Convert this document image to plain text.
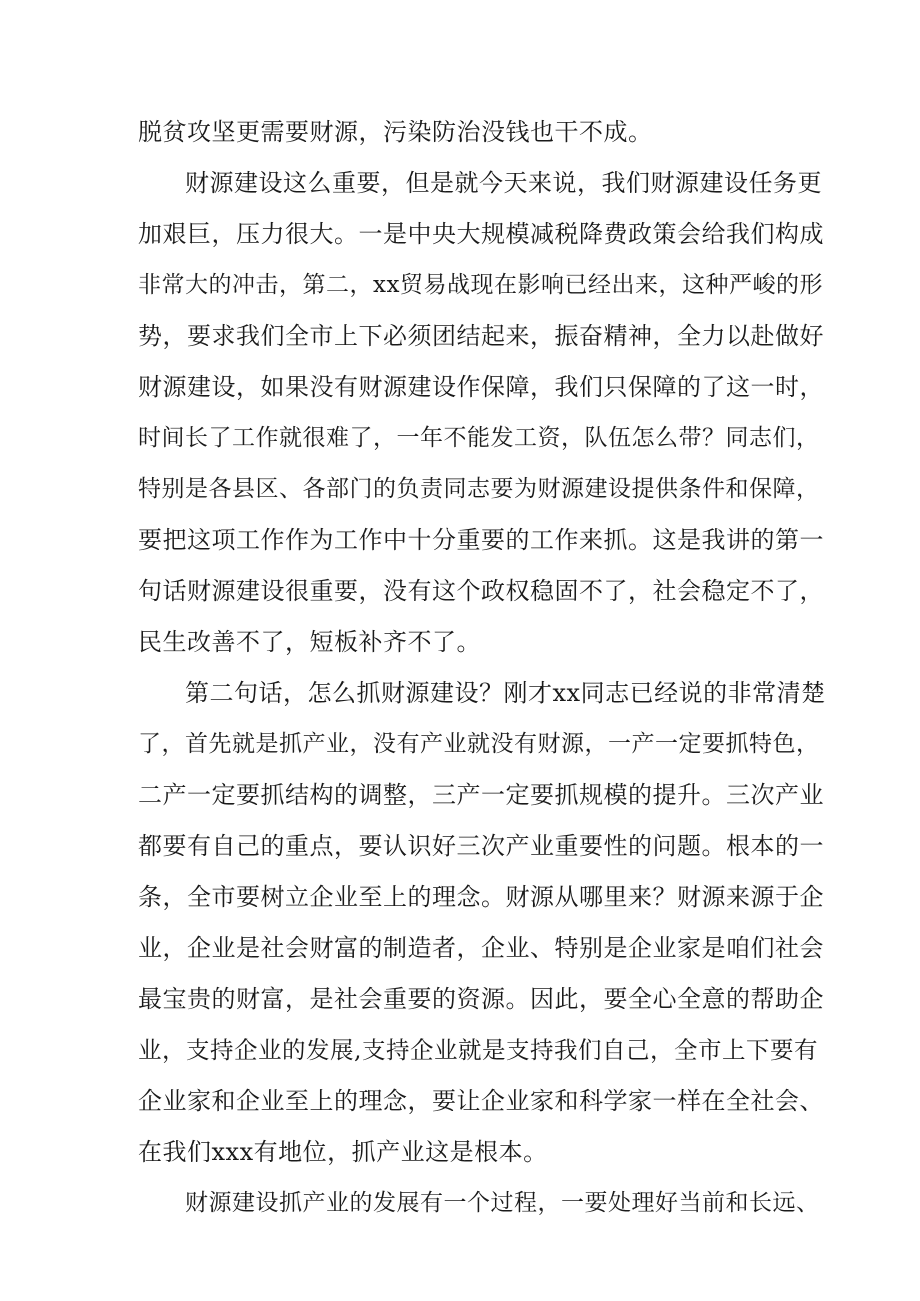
脱贫攻坚更需要财源，污染防治没钱也干不成。
财源建设这么重要，但是就今天来说，我们财源建设任务更
加艰巨，压力很大。一是中央大规模减税降费政策会给我们构成
非常大的冲击，第二，xx贸易战现在影响已经出来，这种严峻的形
势，要求我们全市上下必须团结起来，振奋精神，全力以赴做好
财源建设，如果没有财源建设作保障，我们只保障的了这一时，
时间长了工作就很难了，一年不能发工资，队伍怎么带？同志们，
特别是各县区、各部门的负责同志要为财源建设提供条件和保障，
要把这项工作作为工作中十分重要的工作来抓。这是我讲的第一
句话财源建设很重要，没有这个政权稳固不了，社会稳定不了，
民生改善不了，短板补齐不了。
第二句话，怎么抓财源建设？刚才xx同志已经说的非常清楚
了，首先就是抓产业，没有产业就没有财源，一产一定要抓特色，
二产一定要抓结构的调整，三产一定要抓规模的提升。三次产业
都要有自己的重点，要认识好三次产业重要性的问题。根本的一
条，全市要树立企业至上的理念。财源从哪里来？财源来源于企
业，企业是社会财富的制造者，企业、特别是企业家是咱们社会
最宝贵的财富，是社会重要的资源。因此，要全心全意的帮助企
业，支持企业的发展,支持企业就是支持我们自己，全市上下要有
企业家和企业至上的理念，要让企业家和科学家一样在全社会、
在我们xxx有地位，抓产业这是根本。
财源建设抓产业的发展有一个过程，一要处理好当前和长远、
